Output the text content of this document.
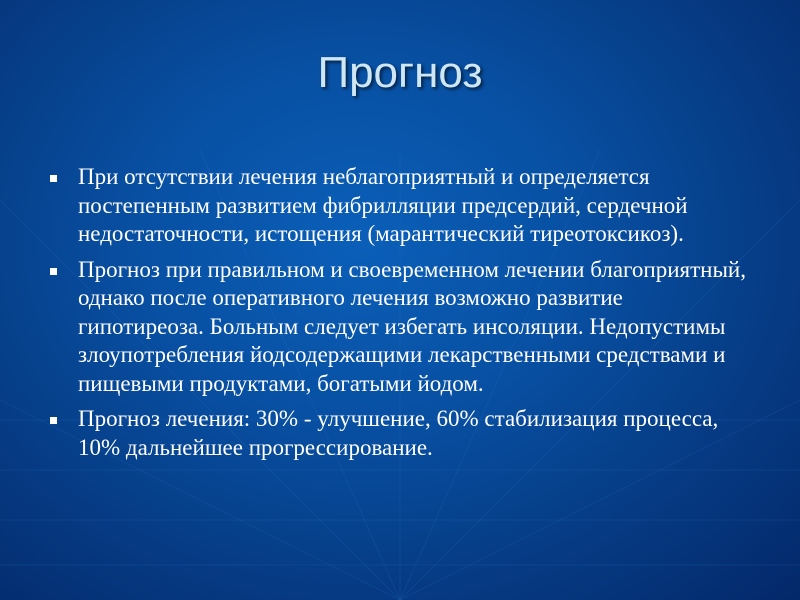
Прогноз
При отсутствии лечения неблагоприятный и определяется постепенным развитием фибрилляции предсердий, сердечной недостаточности, истощения (марантический тиреотоксикоз).
Прогноз при правильном и своевременном лечении благоприятный, однако после оперативного лечения возможно развитие гипотиреоза. Больным следует избегать инсоляции. Недопустимы злоупотребления йодсодержащими лекарственными средствами и пищевыми продуктами, богатыми йодом.
Прогноз лечения: 30% - улучшение, 60% стабилизация процесса, 10% дальнейшее прогрессирование.
